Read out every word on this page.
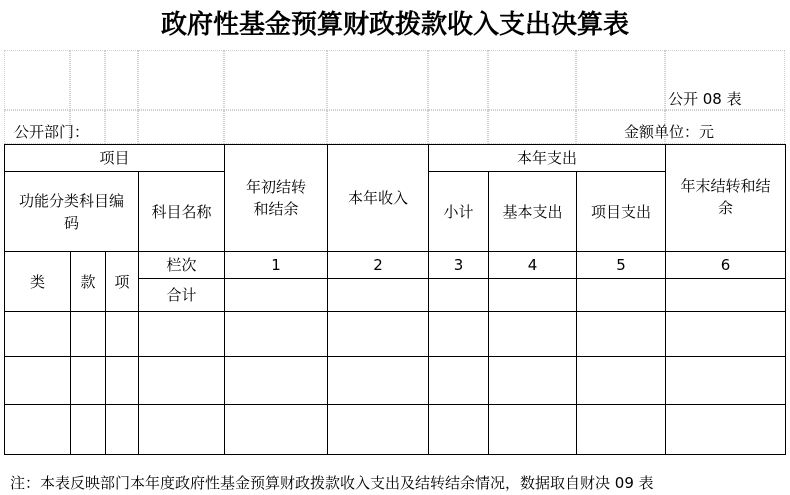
政府性基金预算财政拨款收入支出决算表
公开 08 表
公开部门：	金额单位：元
项目				年初结转和结余	本年收入	本年支出			年末结转和结余
功能分类科目编码			科目名称			小计	基本支出	项目支出	
类	款	项	栏次	1	2	3	4	5	6
			合计						

注：本表反映部门本年度政府性基金预算财政拨款收入支出及结转结余情况，数据取自财决 09 表
